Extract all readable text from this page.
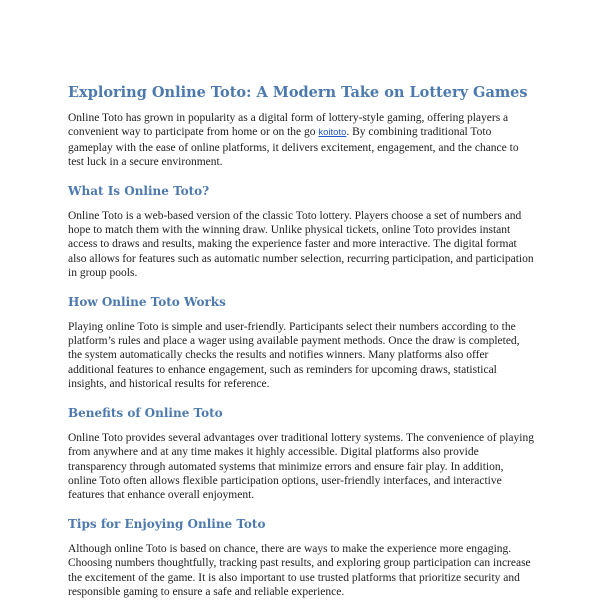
Exploring Online Toto: A Modern Take on Lottery Games

Online Toto has grown in popularity as a digital form of lottery-style gaming, offering players a convenient way to participate from home or on the go koitoto. By combining traditional Toto gameplay with the ease of online platforms, it delivers excitement, engagement, and the chance to test luck in a secure environment.

What Is Online Toto?

Online Toto is a web-based version of the classic Toto lottery. Players choose a set of numbers and hope to match them with the winning draw. Unlike physical tickets, online Toto provides instant access to draws and results, making the experience faster and more interactive. The digital format also allows for features such as automatic number selection, recurring participation, and participation in group pools.

How Online Toto Works

Playing online Toto is simple and user-friendly. Participants select their numbers according to the platform’s rules and place a wager using available payment methods. Once the draw is completed, the system automatically checks the results and notifies winners. Many platforms also offer additional features to enhance engagement, such as reminders for upcoming draws, statistical insights, and historical results for reference.

Benefits of Online Toto

Online Toto provides several advantages over traditional lottery systems. The convenience of playing from anywhere and at any time makes it highly accessible. Digital platforms also provide transparency through automated systems that minimize errors and ensure fair play. In addition, online Toto often allows flexible participation options, user-friendly interfaces, and interactive features that enhance overall enjoyment.

Tips for Enjoying Online Toto

Although online Toto is based on chance, there are ways to make the experience more engaging. Choosing numbers thoughtfully, tracking past results, and exploring group participation can increase the excitement of the game. It is also important to use trusted platforms that prioritize security and responsible gaming to ensure a safe and reliable experience.
